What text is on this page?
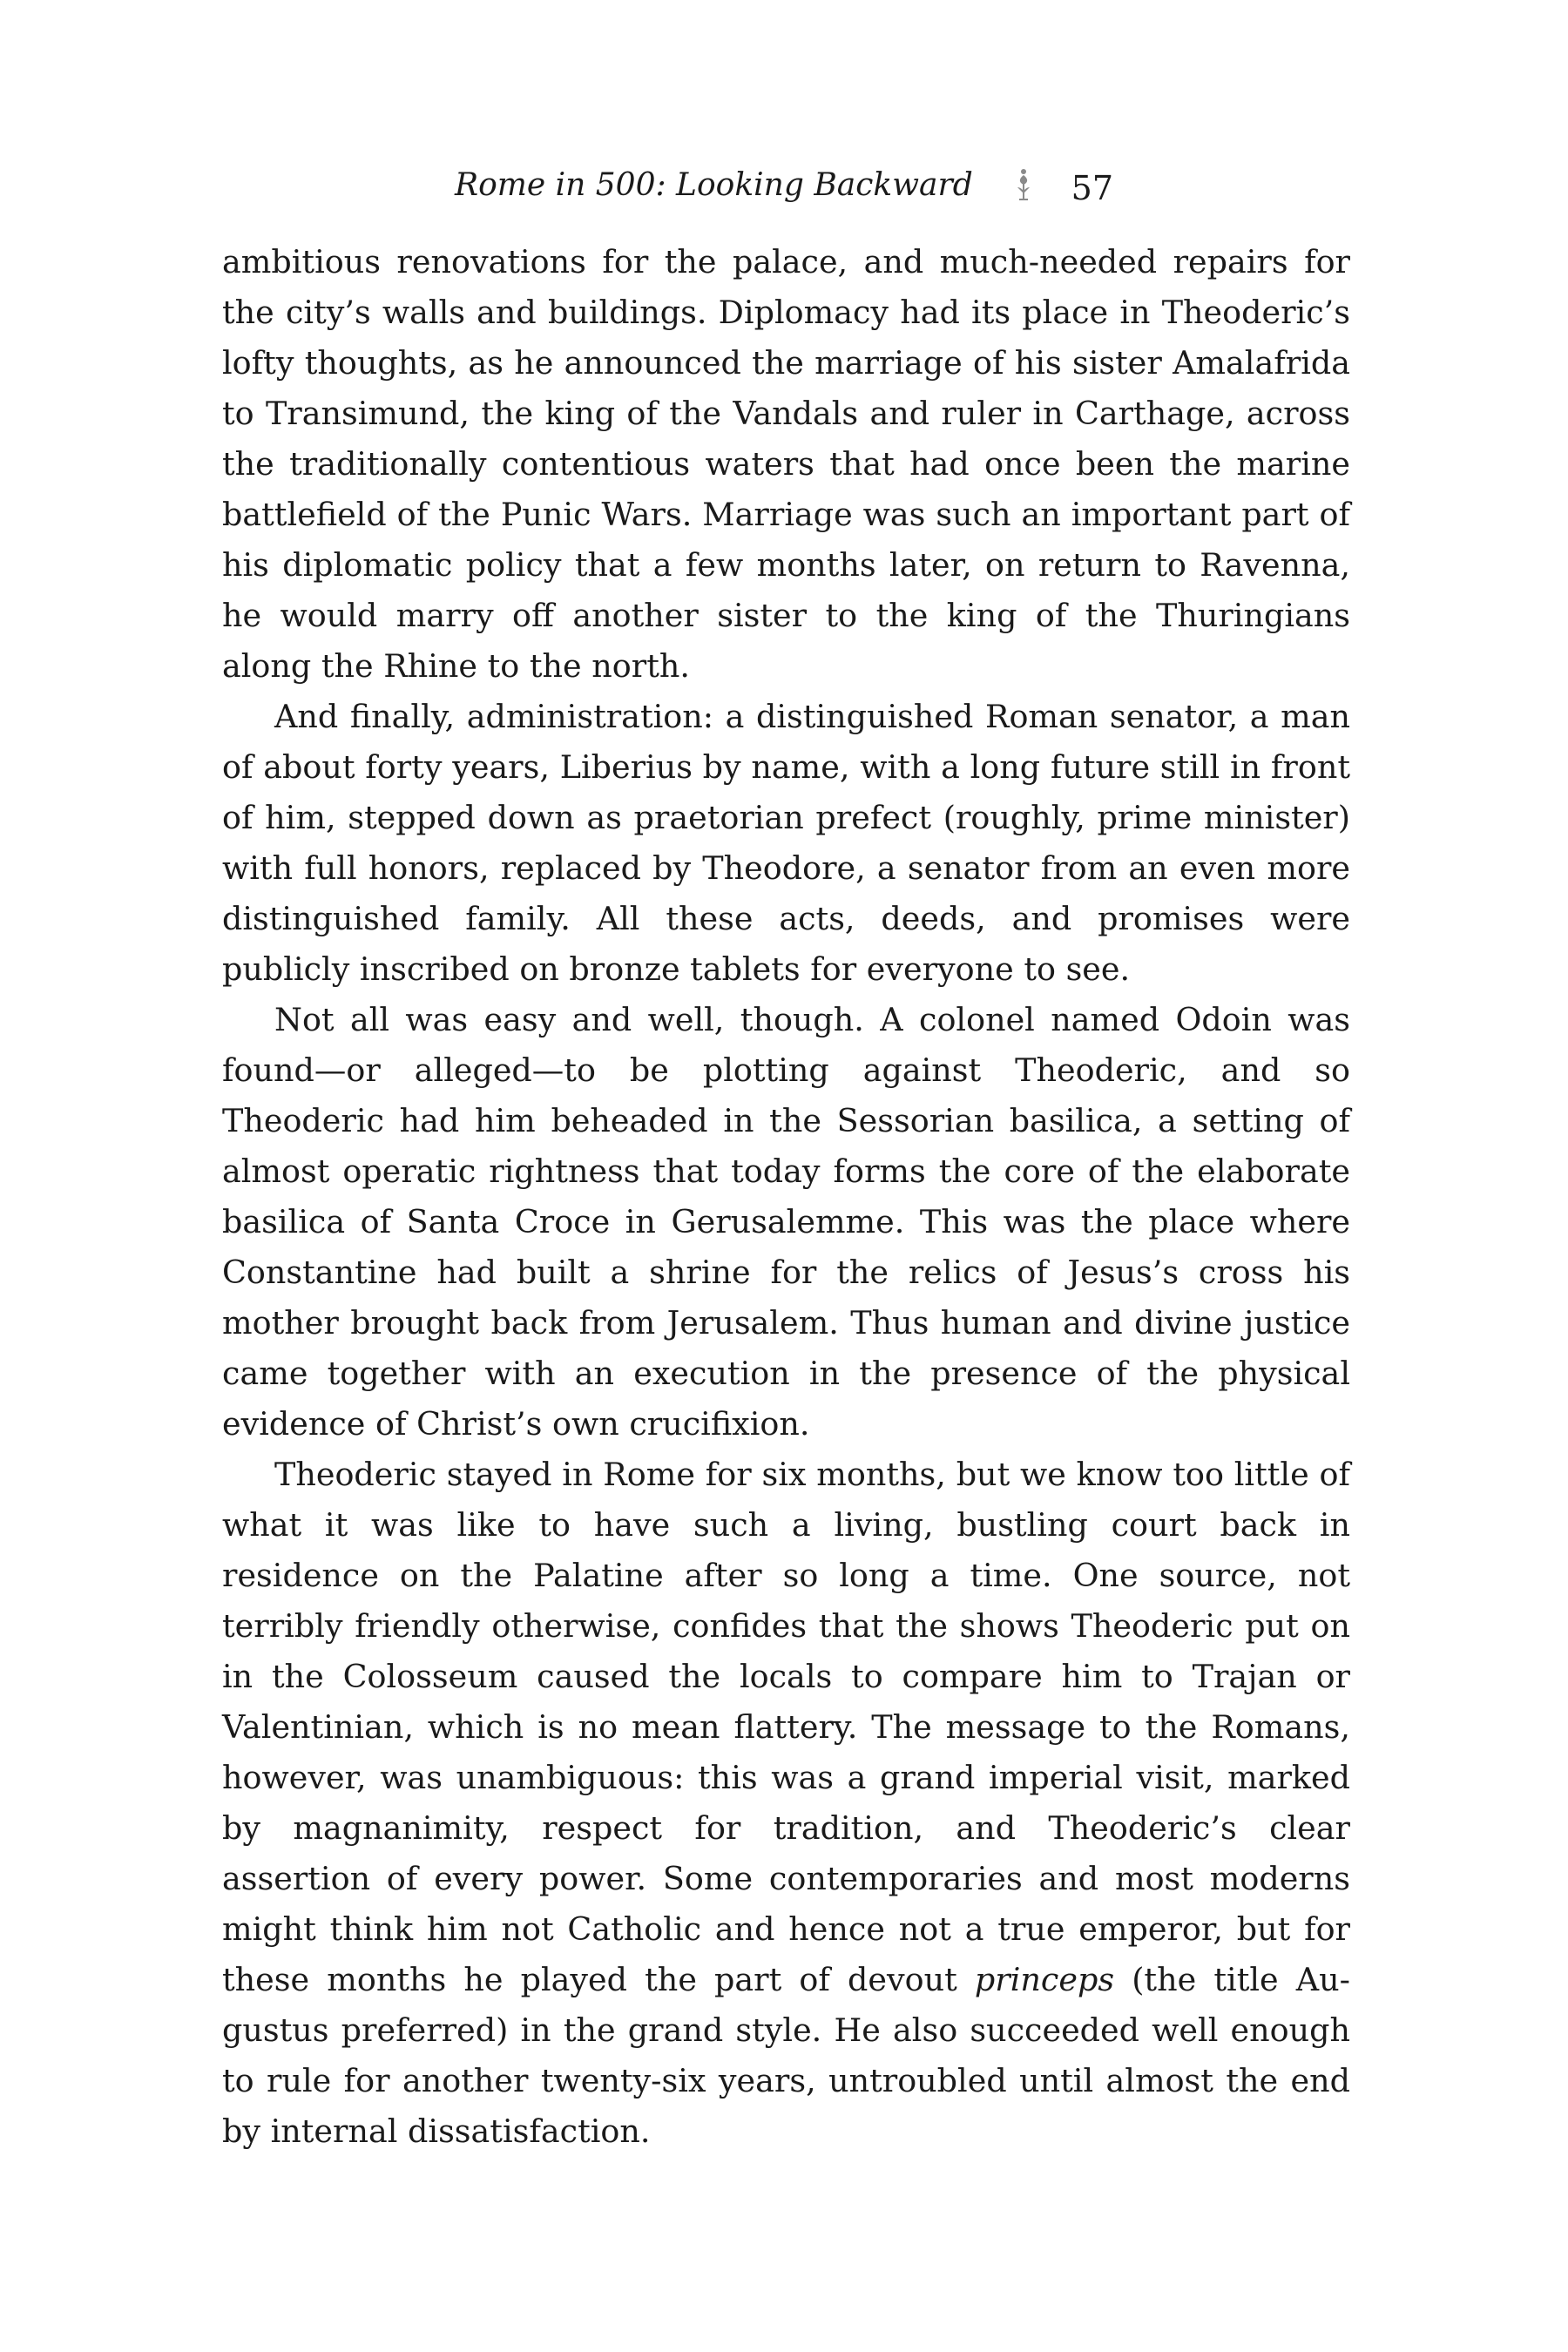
Rome in 500: Looking Backward	57

ambitious renovations for the palace, and much-needed repairs for the city’s walls and buildings. Diplomacy had its place in Theoderic’s lofty thoughts, as he announced the marriage of his sister Amalafrida to Transimund, the king of the Vandals and ruler in Carthage, across the traditionally contentious waters that had once been the marine battlefield of the Punic Wars. Marriage was such an important part of his diplomatic policy that a few months later, on return to Ravenna, he would marry off another sister to the king of the Thuringians along the Rhine to the north.

And finally, administration: a distinguished Roman senator, a man of about forty years, Liberius by name, with a long future still in front of him, stepped down as praetorian prefect (roughly, prime minister) with full honors, replaced by Theodore, a senator from an even more distinguished family. All these acts, deeds, and promises were publicly inscribed on bronze tablets for everyone to see.

Not all was easy and well, though. A colonel named Odoin was found—or alleged—to be plotting against Theoderic, and so Theoderic had him beheaded in the Sessorian basilica, a setting of almost operatic rightness that today forms the core of the elaborate basilica of Santa Croce in Gerusalemme. This was the place where Constantine had built a shrine for the relics of Jesus’s cross his mother brought back from Jerusalem. Thus human and divine justice came together with an execution in the presence of the physical evidence of Christ’s own crucifixion.

Theoderic stayed in Rome for six months, but we know too little of what it was like to have such a living, bustling court back in residence on the Palatine after so long a time. One source, not terribly friendly otherwise, confides that the shows Theoderic put on in the Colosseum caused the locals to compare him to Trajan or Valentinian, which is no mean flattery. The message to the Romans, however, was unambiguous: this was a grand imperial visit, marked by magnanimity, respect for tradition, and Theoderic’s clear assertion of every power. Some contemporaries and most moderns might think him not Catholic and hence not a true emperor, but for these months he played the part of devout princeps (the title Augustus preferred) in the grand style. He also succeeded well enough to rule for another twenty-six years, untroubled until almost the end by internal dissatisfaction.
